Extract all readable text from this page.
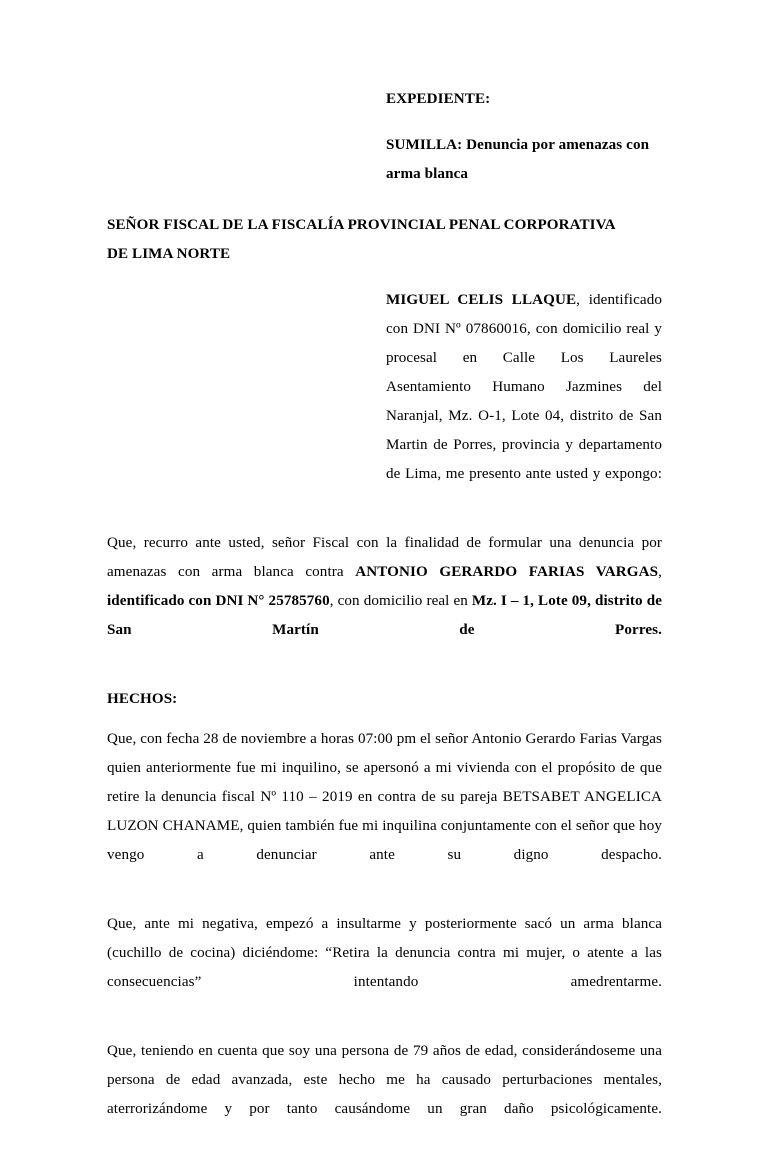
EXPEDIENTE:

SUMILLA: Denuncia por amenazas con

arma blanca

SEÑOR FISCAL DE LA FISCALÍA PROVINCIAL PENAL CORPORATIVA
DE LIMA NORTE

MIGUEL CELIS LLAQUE, identificado con DNI Nº 07860016, con domicilio real y procesal en Calle Los Laureles Asentamiento Humano Jazmines del Naranjal, Mz. O-1, Lote 04, distrito de San Martin de Porres, provincia y departamento de Lima, me presento ante usted y expongo:

Que, recurro ante usted, señor Fiscal con la finalidad de formular una denuncia por amenazas con arma blanca contra ANTONIO GERARDO FARIAS VARGAS, identificado con DNI N° 25785760, con domicilio real en Mz. I – 1, Lote 09, distrito de San Martín de Porres.

HECHOS:

Que, con fecha 28 de noviembre a horas 07:00 pm el señor Antonio Gerardo Farias Vargas quien anteriormente fue mi inquilino, se apersonó a mi vivienda con el propósito de que retire la denuncia fiscal Nº 110 – 2019 en contra de su pareja BETSABET ANGELICA LUZON CHANAME, quien también fue mi inquilina conjuntamente con el señor que hoy vengo a denunciar ante su digno despacho.

Que, ante mi negativa, empezó a insultarme y posteriormente sacó un arma blanca (cuchillo de cocina) diciéndome: “Retira la denuncia contra mi mujer, o atente a las consecuencias” intentando amedrentarme.

Que, teniendo en cuenta que soy una persona de 79 años de edad, considerándoseme una persona de edad avanzada, este hecho me ha causado perturbaciones mentales, aterrorizándome y por tanto causándome un gran daño psicológicamente.
